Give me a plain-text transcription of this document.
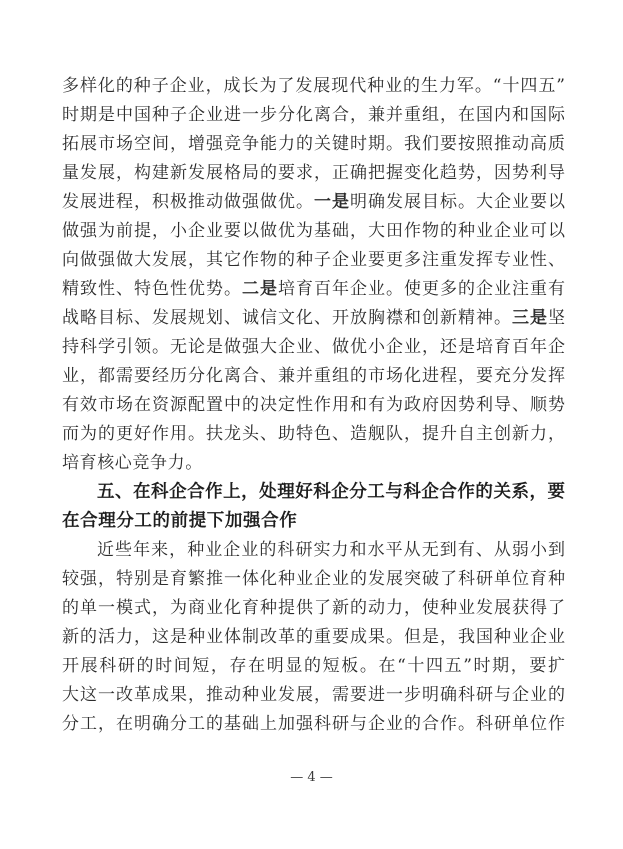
多样化的种子企业，成长为了发展现代种业的生力军。“十四五”
时期是中国种子企业进一步分化离合，兼并重组，在国内和国际
拓展市场空间，增强竞争能力的关键时期。我们要按照推动高质
量发展，构建新发展格局的要求，正确把握变化趋势，因势利导
发展进程，积极推动做强做优。一是明确发展目标。大企业要以
做强为前提，小企业要以做优为基础，大田作物的种业企业可以
向做强做大发展，其它作物的种子企业要更多注重发挥专业性、
精致性、特色性优势。二是培育百年企业。使更多的企业注重有
战略目标、发展规划、诚信文化、开放胸襟和创新精神。三是坚
持科学引领。无论是做强大企业、做优小企业，还是培育百年企
业，都需要经历分化离合、兼并重组的市场化进程，要充分发挥
有效市场在资源配置中的决定性作用和有为政府因势利导、顺势
而为的更好作用。扶龙头、助特色、造舰队，提升自主创新力，
培育核心竞争力。
五、在科企合作上，处理好科企分工与科企合作的关系，要
在合理分工的前提下加强合作
近些年来，种业企业的科研实力和水平从无到有、从弱小到
较强，特别是育繁推一体化种业企业的发展突破了科研单位育种
的单一模式，为商业化育种提供了新的动力，使种业发展获得了
新的活力，这是种业体制改革的重要成果。但是，我国种业企业
开展科研的时间短，存在明显的短板。在“十四五”时期，要扩
大这一改革成果，推动种业发展，需要进一步明确科研与企业的
分工，在明确分工的基础上加强科研与企业的合作。科研单位作
— 4 —
